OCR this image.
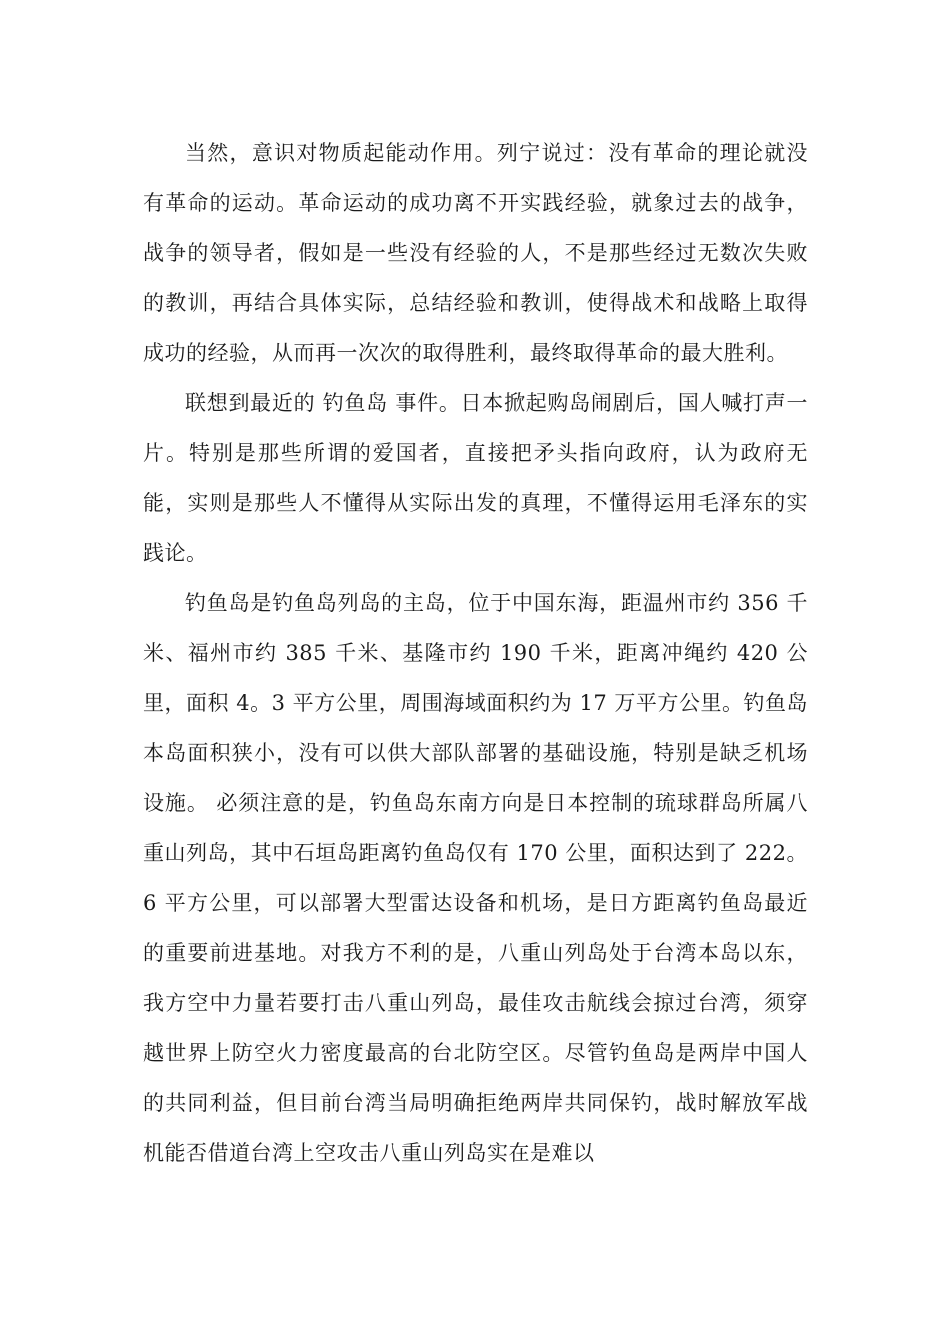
当然，意识对物质起能动作用。列宁说过：没有革命的理论就没有革命的运动。革命运动的成功离不开实践经验，就象过去的战争，战争的领导者，假如是一些没有经验的人，不是那些经过无数次失败的教训，再结合具体实际，总结经验和教训，使得战术和战略上取得成功的经验，从而再一次次的取得胜利，最终取得革命的最大胜利。

联想到最近的 钓鱼岛 事件。日本掀起购岛闹剧后，国人喊打声一片。特别是那些所谓的爱国者，直接把矛头指向政府，认为政府无能，实则是那些人不懂得从实际出发的真理，不懂得运用毛泽东的实践论。

钓鱼岛是钓鱼岛列岛的主岛，位于中国东海，距温州市约 356 千米、福州市约 385 千米、基隆市约 190 千米，距离冲绳约 420 公里，面积 4。3 平方公里，周围海域面积约为 17 万平方公里。钓鱼岛本岛面积狭小，没有可以供大部队部署的基础设施，特别是缺乏机场设施。 必须注意的是，钓鱼岛东南方向是日本控制的琉球群岛所属八重山列岛，其中石垣岛距离钓鱼岛仅有 170 公里，面积达到了 222。6 平方公里，可以部署大型雷达设备和机场，是日方距离钓鱼岛最近的重要前进基地。对我方不利的是，八重山列岛处于台湾本岛以东，我方空中力量若要打击八重山列岛，最佳攻击航线会掠过台湾，须穿越世界上防空火力密度最高的台北防空区。尽管钓鱼岛是两岸中国人的共同利益，但目前台湾当局明确拒绝两岸共同保钓，战时解放军战机能否借道台湾上空攻击八重山列岛实在是难以
